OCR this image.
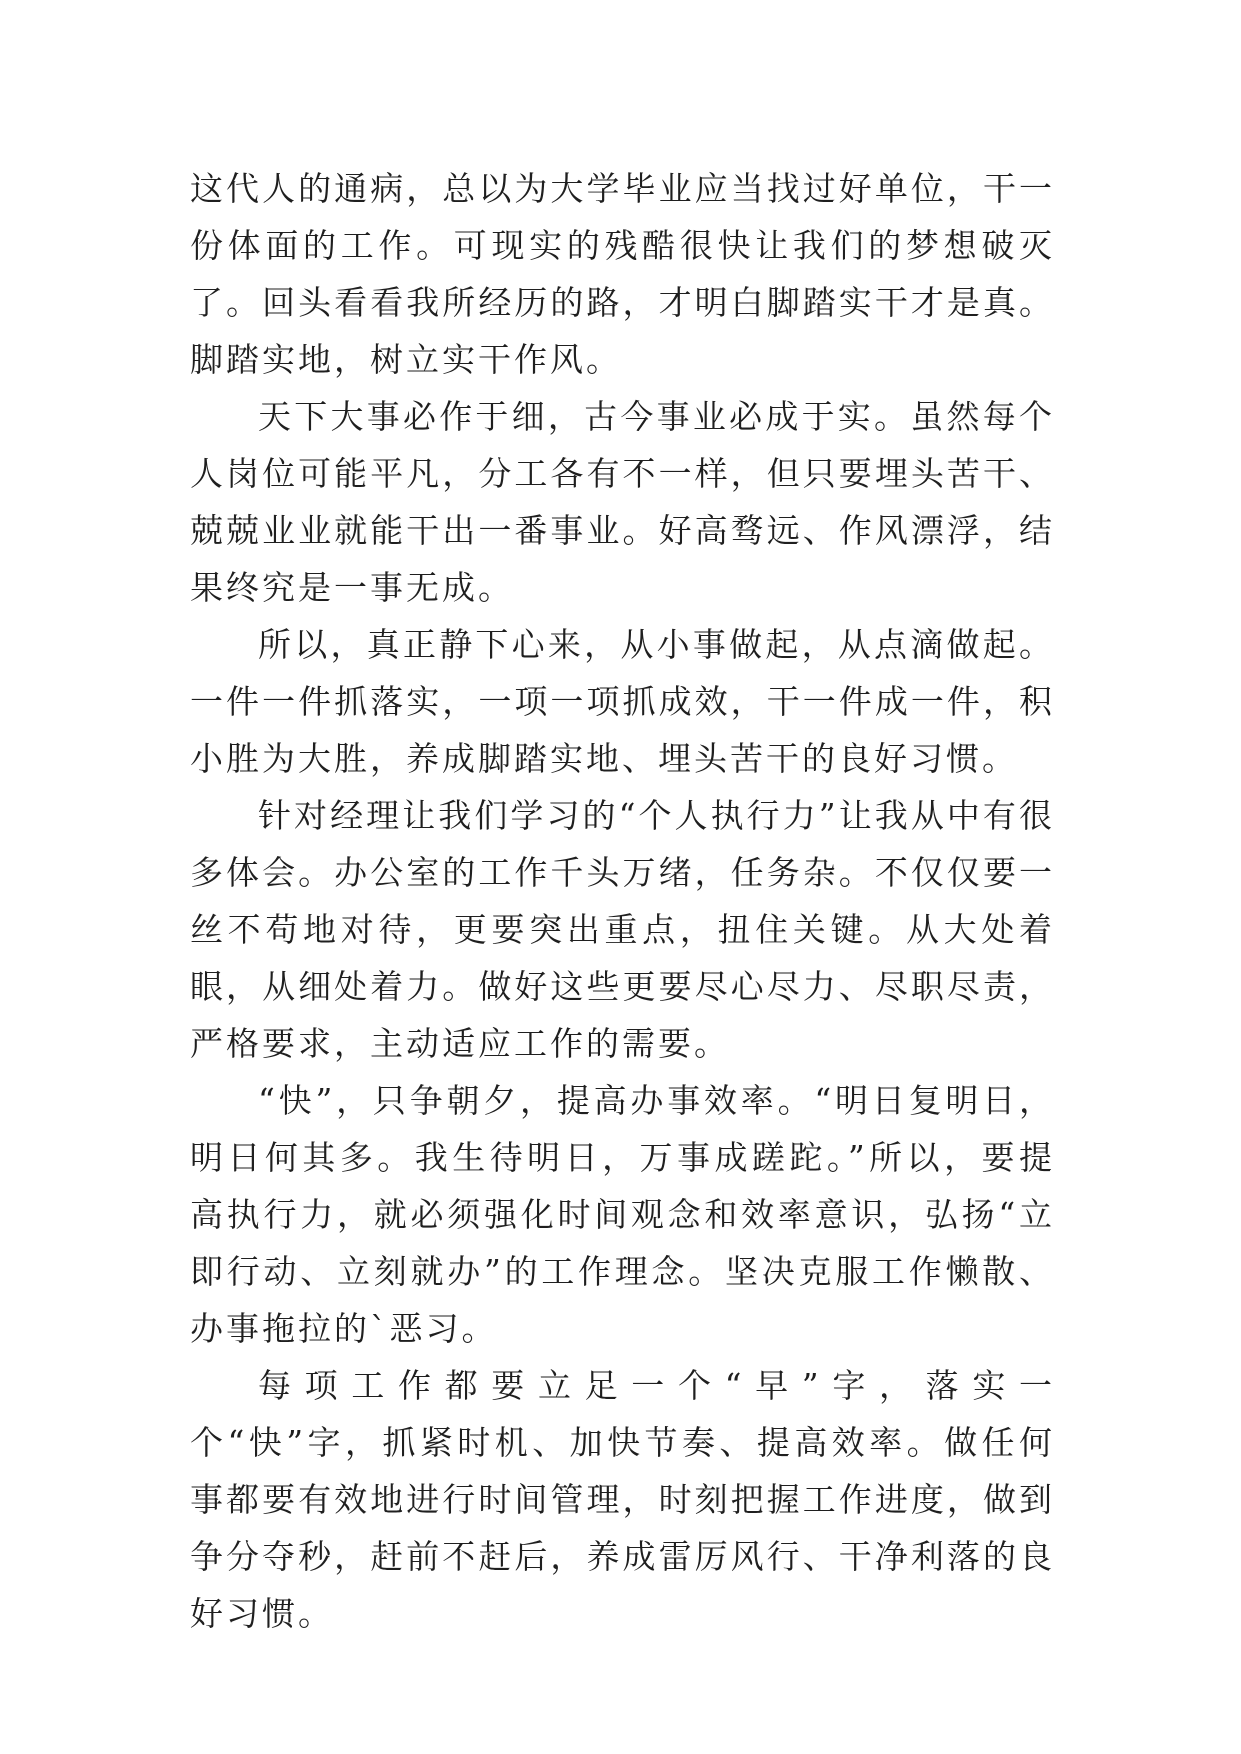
这代人的通病，总以为大学毕业应当找过好单位，干一份体面的工作。可现实的残酷很快让我们的梦想破灭了。回头看看我所经历的路，才明白脚踏实干才是真。脚踏实地，树立实干作风。

天下大事必作于细，古今事业必成于实。虽然每个人岗位可能平凡，分工各有不一样，但只要埋头苦干、兢兢业业就能干出一番事业。好高骛远、作风漂浮，结果终究是一事无成。

所以，真正静下心来，从小事做起，从点滴做起。一件一件抓落实，一项一项抓成效，干一件成一件，积小胜为大胜，养成脚踏实地、埋头苦干的良好习惯。

针对经理让我们学习的“个人执行力”让我从中有很多体会。办公室的工作千头万绪，任务杂。不仅仅要一丝不苟地对待，更要突出重点，扭住关键。从大处着眼，从细处着力。做好这些更要尽心尽力、尽职尽责，严格要求，主动适应工作的需要。

“快”，只争朝夕，提高办事效率。“明日复明日，明日何其多。我生待明日，万事成蹉跎。”所以，要提高执行力，就必须强化时间观念和效率意识，弘扬“立即行动、立刻就办”的工作理念。坚决克服工作懒散、办事拖拉的`恶习。

每项工作都要立足一个“早”字，落实一个“快”字，抓紧时机、加快节奏、提高效率。做任何事都要有效地进行时间管理，时刻把握工作进度，做到争分夺秒，赶前不赶后，养成雷厉风行、干净利落的良好习惯。
